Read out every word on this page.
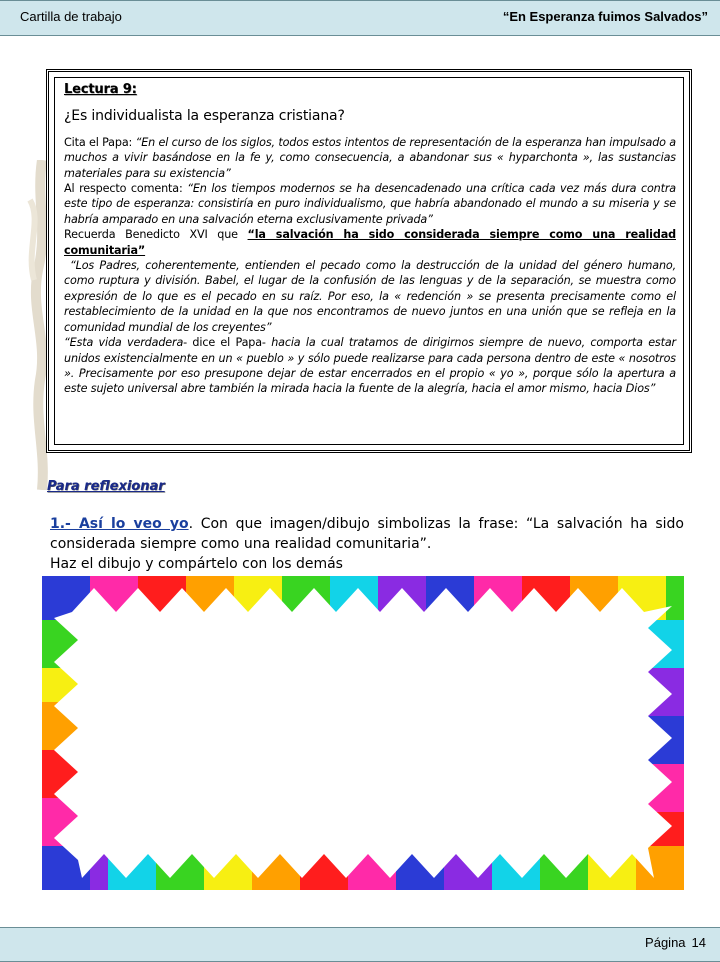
Cartilla de trabajo	“En Esperanza fuimos Salvados”
Lectura 9:
¿Es individualista la esperanza cristiana?

Cita el Papa: “En el curso de los siglos, todos estos intentos de representación de la esperanza han impulsado a muchos a vivir basándose en la fe y, como consecuencia, a abandonar sus « hyparchonta », las sustancias materiales para su existencia”

Al respecto comenta: “En los tiempos modernos se ha desencadenado una crítica cada vez más dura contra este tipo de esperanza: consistiría en puro individualismo, que habría abandonado el mundo a su miseria y se habría amparado en una salvación eterna exclusivamente privada”

Recuerda Benedicto XVI que “la salvación ha sido considerada siempre como una realidad comunitaria”

“Los Padres, coherentemente, entienden el pecado como la destrucción de la unidad del género humano, como ruptura y división. Babel, el lugar de la confusión de las lenguas y de la separación, se muestra como expresión de lo que es el pecado en su raíz. Por eso, la « redención » se presenta precisamente como el restablecimiento de la unidad en la que nos encontramos de nuevo juntos en una unión que se refleja en la comunidad mundial de los creyentes”

“Esta vida verdadera- dice el Papa- hacia la cual tratamos de dirigirnos siempre de nuevo, comporta estar unidos existencialmente en un « pueblo » y sólo puede realizarse para cada persona dentro de este « nosotros ». Precisamente por eso presupone dejar de estar encerrados en el propio « yo », porque sólo la apertura a este sujeto universal abre también la mirada hacia la fuente de la alegría, hacia el amor mismo, hacia Dios”

Para reflexionar
1.- Así lo veo yo. Con que imagen/dibujo simbolizas la frase: “La salvación ha sido considerada siempre como una realidad comunitaria”.
Haz el dibujo y compártelo con los demás
Página 14
